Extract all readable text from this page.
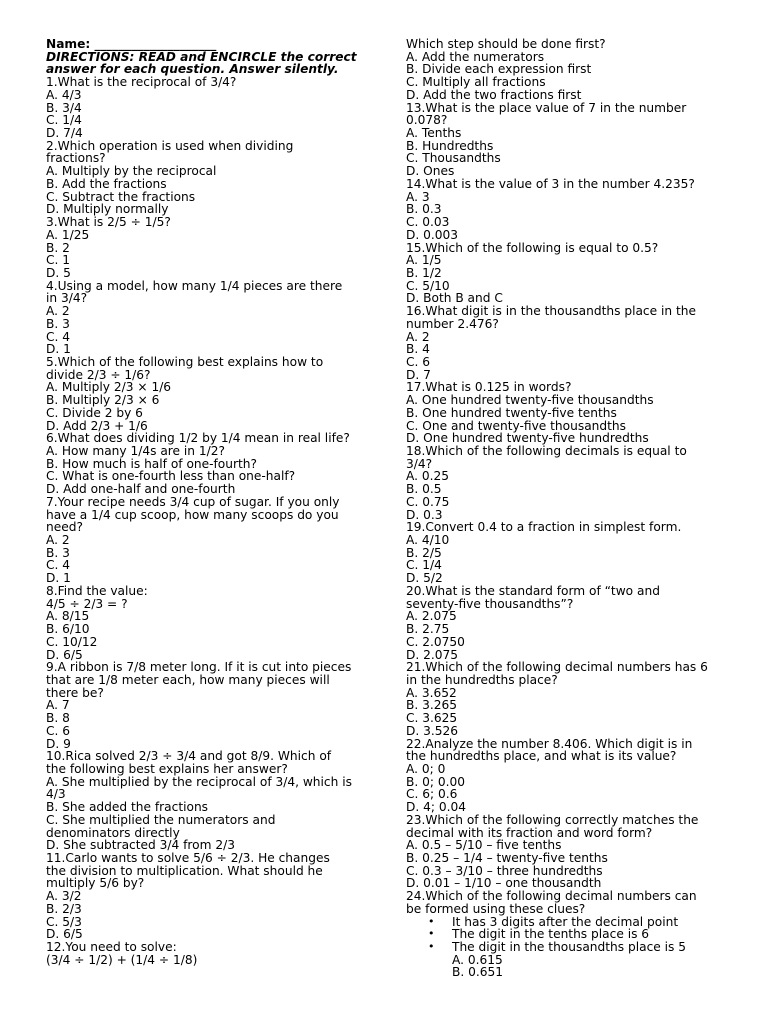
Name: ____________________
DIRECTIONS: READ and ENCIRCLE the correct answer for each question. Answer silently.
1.What is the reciprocal of 3/4?
A. 4/3
B. 3/4
C. 1/4
D. 7/4
2.Which operation is used when dividing
fractions?
A. Multiply by the reciprocal
B. Add the fractions
C. Subtract the fractions
D. Multiply normally
3.What is 2/5 ÷ 1/5?
A. 1/25
B. 2
C. 1
D. 5
4.Using a model, how many 1/4 pieces are there
in 3/4?
A. 2
B. 3
C. 4
D. 1
5.Which of the following best explains how to
divide 2/3 ÷ 1/6?
A. Multiply 2/3 × 1/6
B. Multiply 2/3 × 6
C. Divide 2 by 6
D. Add 2/3 + 1/6
6.What does dividing 1/2 by 1/4 mean in real life?
A. How many 1/4s are in 1/2?
B. How much is half of one-fourth?
C. What is one-fourth less than one-half?
D. Add one-half and one-fourth
7.Your recipe needs 3/4 cup of sugar. If you only
have a 1/4 cup scoop, how many scoops do you
need?
A. 2
B. 3
C. 4
D. 1
8.Find the value:
4/5 ÷ 2/3 = ?
A. 8/15
B. 6/10
C. 10/12
D. 6/5
9.A ribbon is 7/8 meter long. If it is cut into pieces
that are 1/8 meter each, how many pieces will
there be?
A. 7
B. 8
C. 6
D. 9
10.Rica solved 2/3 ÷ 3/4 and got 8/9. Which of
the following best explains her answer?
A. She multiplied by the reciprocal of 3/4, which is
4/3
B. She added the fractions
C. She multiplied the numerators and
denominators directly
D. She subtracted 3/4 from 2/3
11.Carlo wants to solve 5/6 ÷ 2/3. He changes
the division to multiplication. What should he
multiply 5/6 by?
A. 3/2
B. 2/3
C. 5/3
D. 6/5
12.You need to solve:
(3/4 ÷ 1/2) + (1/4 ÷ 1/8)
Which step should be done first?
A. Add the numerators
B. Divide each expression first
C. Multiply all fractions
D. Add the two fractions first
13.What is the place value of 7 in the number
0.078?
A. Tenths
B. Hundredths
C. Thousandths
D. Ones
14.What is the value of 3 in the number 4.235?
A. 3
B. 0.3
C. 0.03
D. 0.003
15.Which of the following is equal to 0.5?
A. 1/5
B. 1/2
C. 5/10
D. Both B and C
16.What digit is in the thousandths place in the
number 2.476?
A. 2
B. 4
C. 6
D. 7
17.What is 0.125 in words?
A. One hundred twenty-five thousandths
B. One hundred twenty-five tenths
C. One and twenty-five thousandths
D. One hundred twenty-five hundredths
18.Which of the following decimals is equal to
3/4?
A. 0.25
B. 0.5
C. 0.75
D. 0.3
19.Convert 0.4 to a fraction in simplest form.
A. 4/10
B. 2/5
C. 1/4
D. 5/2
20.What is the standard form of “two and
seventy-five thousandths”?
A. 2.075
B. 2.75
C. 2.0750
D. 2.075
21.Which of the following decimal numbers has 6
in the hundredths place?
A. 3.652
B. 3.265
C. 3.625
D. 3.526
22.Analyze the number 8.406. Which digit is in
the hundredths place, and what is its value?
A. 0; 0
B. 0; 0.00
C. 6; 0.6
D. 4; 0.04
23.Which of the following correctly matches the
decimal with its fraction and word form?
A. 0.5 – 5/10 – five tenths
B. 0.25 – 1/4 – twenty-five tenths
C. 0.3 – 3/10 – three hundredths
D. 0.01 – 1/10 – one thousandth
24.Which of the following decimal numbers can
be formed using these clues?
• It has 3 digits after the decimal point
• The digit in the tenths place is 6
• The digit in the thousandths place is 5
A. 0.615
B. 0.651
